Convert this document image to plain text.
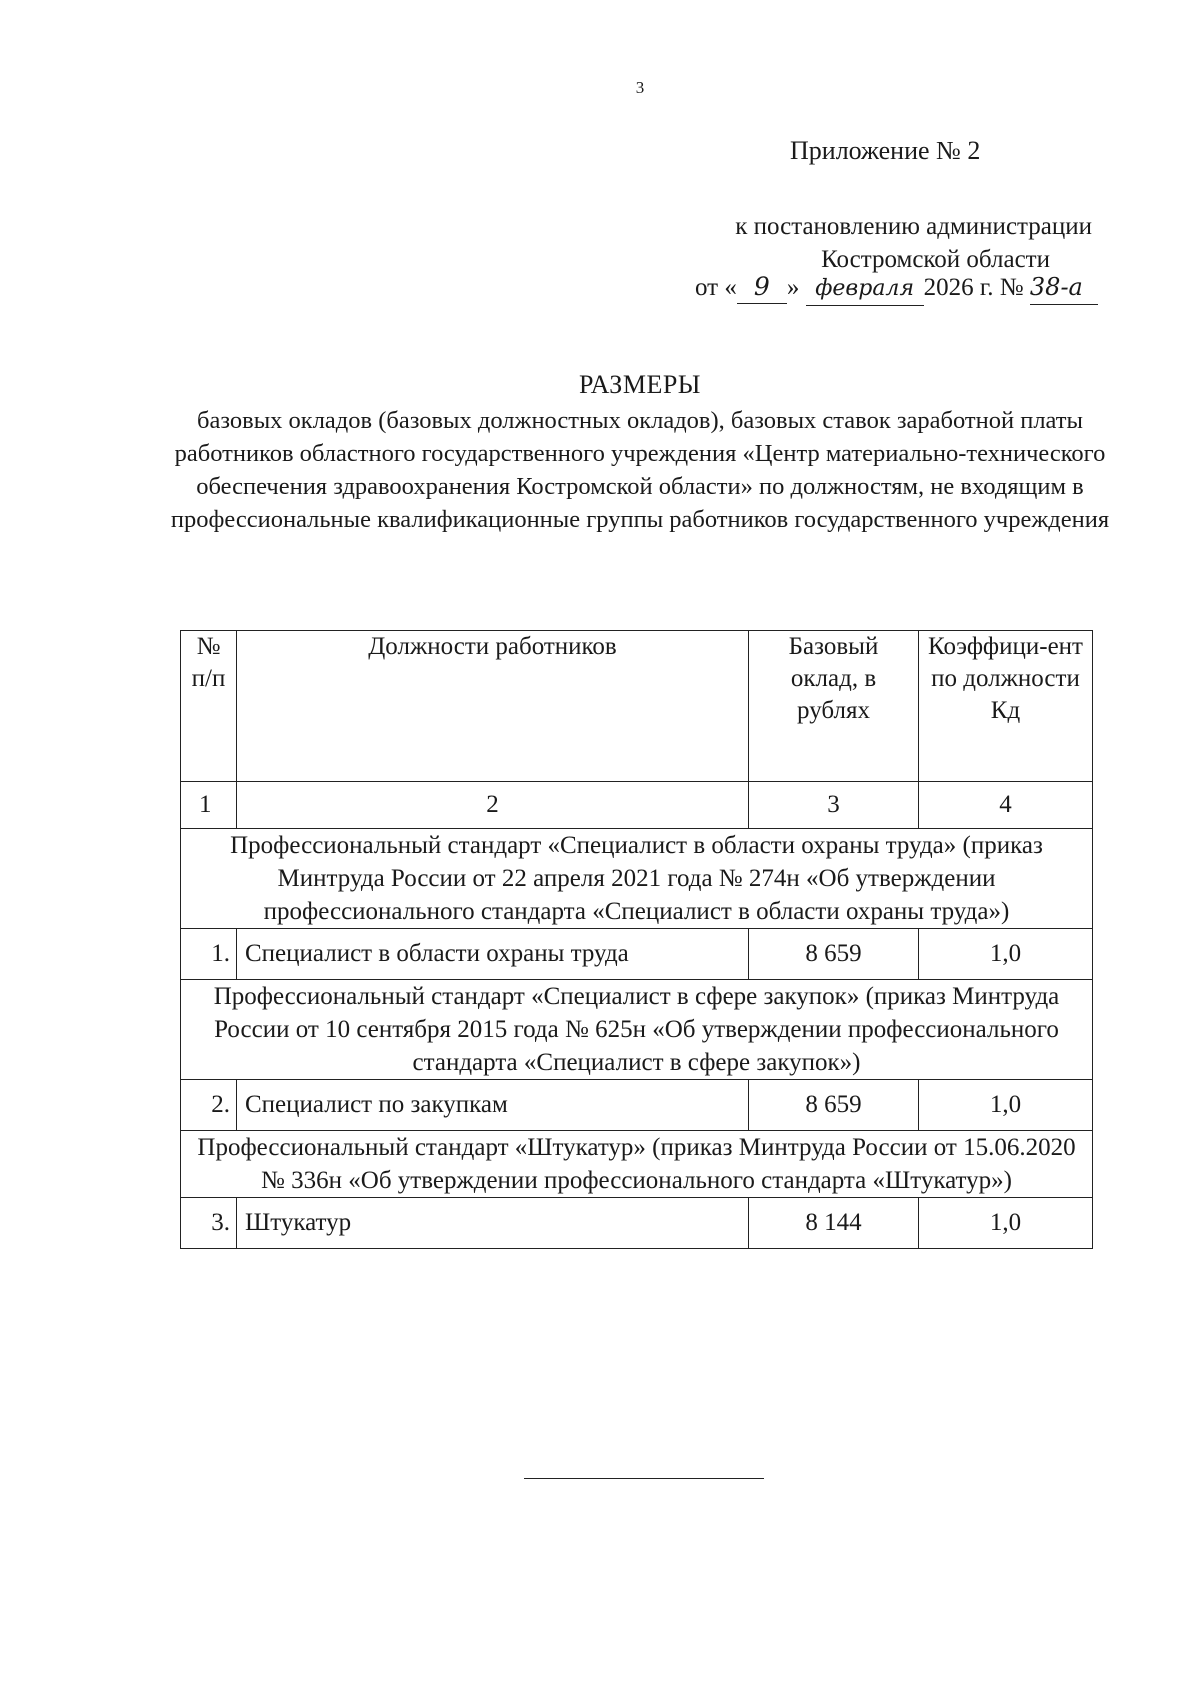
3
Приложение № 2
к постановлению администрации
Костромской области
от « 9 » февраля 2026 г. № 38-а
РАЗМЕРЫ
базовых окладов (базовых должностных окладов), базовых ставок заработной платы работников областного государственного учреждения «Центр материально-технического обеспечения здравоохранения Костромской области» по должностям, не входящим в профессиональные квалификационные группы работников государственного учреждения
№ п/п	Должности работников	Базовый оклад, в рублях	Коэффици-ент по должности Кд
1	2	3	4
Профессиональный стандарт «Специалист в области охраны труда» (приказ Минтруда России от 22 апреля 2021 года № 274н «Об утверждении профессионального стандарта «Специалист в области охраны труда»)			
1.	Специалист в области охраны труда	8 659	1,0
Профессиональный стандарт «Специалист в сфере закупок» (приказ Минтруда России от 10 сентября 2015 года № 625н «Об утверждении профессионального стандарта «Специалист в сфере закупок»)			
2.	Специалист по закупкам	8 659	1,0
Профессиональный стандарт «Штукатур» (приказ Минтруда России от 15.06.2020 № 336н «Об утверждении профессионального стандарта «Штукатур»)			
3.	Штукатур	8 144	1,0
